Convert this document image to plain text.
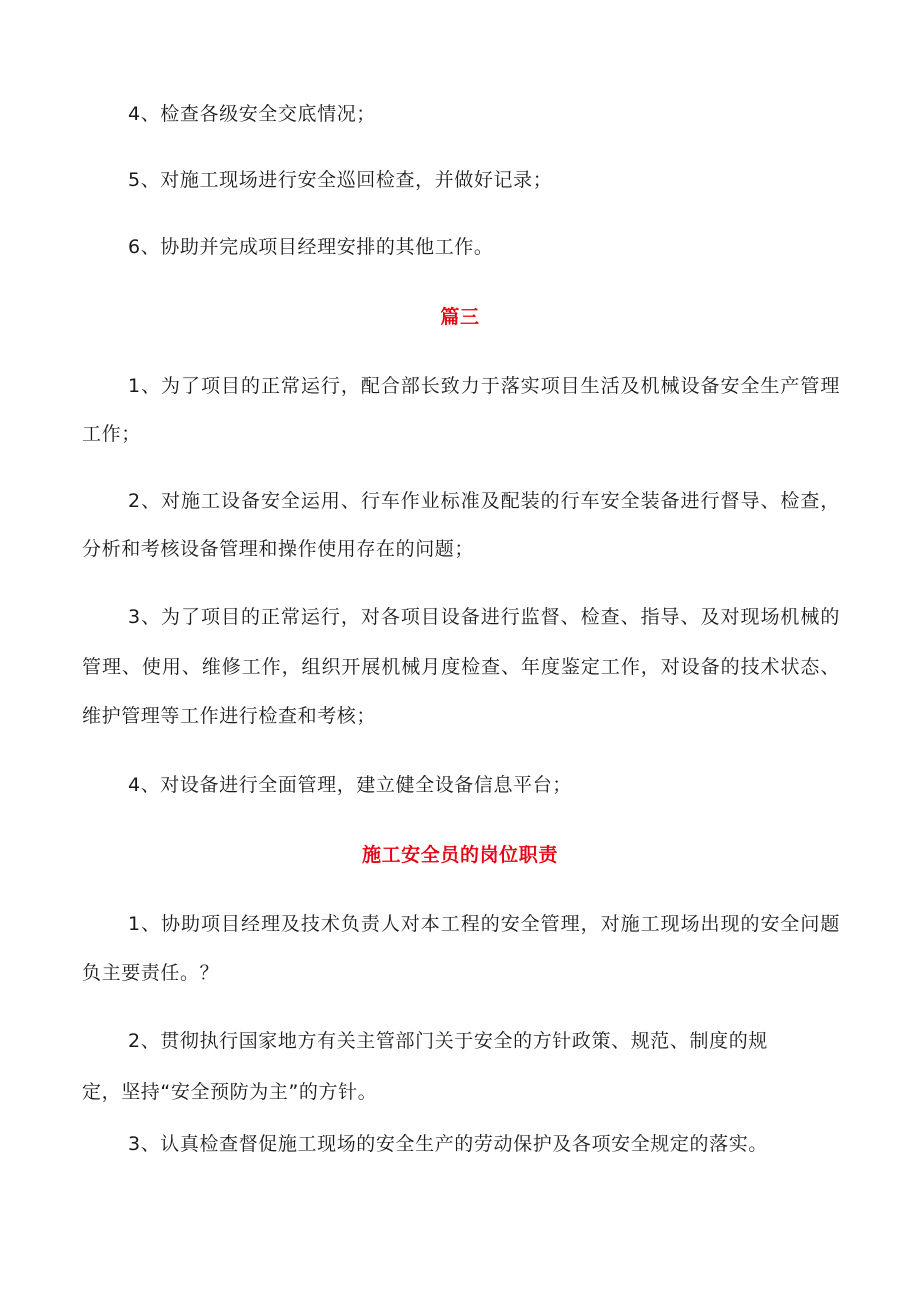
4、检查各级安全交底情况；

5、对施工现场进行安全巡回检查，并做好记录；

6、协助并完成项目经理安排的其他工作。

篇三

1、为了项目的正常运行，配合部长致力于落实项目生活及机械设备安全生产管理

工作；

2、对施工设备安全运用、行车作业标准及配装的行车安全装备进行督导、检查，

分析和考核设备管理和操作使用存在的问题；

3、为了项目的正常运行，对各项目设备进行监督、检查、指导、及对现场机械的

管理、使用、维修工作，组织开展机械月度检查、年度鉴定工作，对设备的技术状态、

维护管理等工作进行检查和考核；

4、对设备进行全面管理，建立健全设备信息平台；

施工安全员的岗位职责

1、协助项目经理及技术负责人对本工程的安全管理，对施工现场出现的安全问题

负主要责任。？

2、贯彻执行国家地方有关主管部门关于安全的方针政策、规范、制度的规

定，坚持“安全预防为主”的方针。

3、认真检查督促施工现场的安全生产的劳动保护及各项安全规定的落实。
